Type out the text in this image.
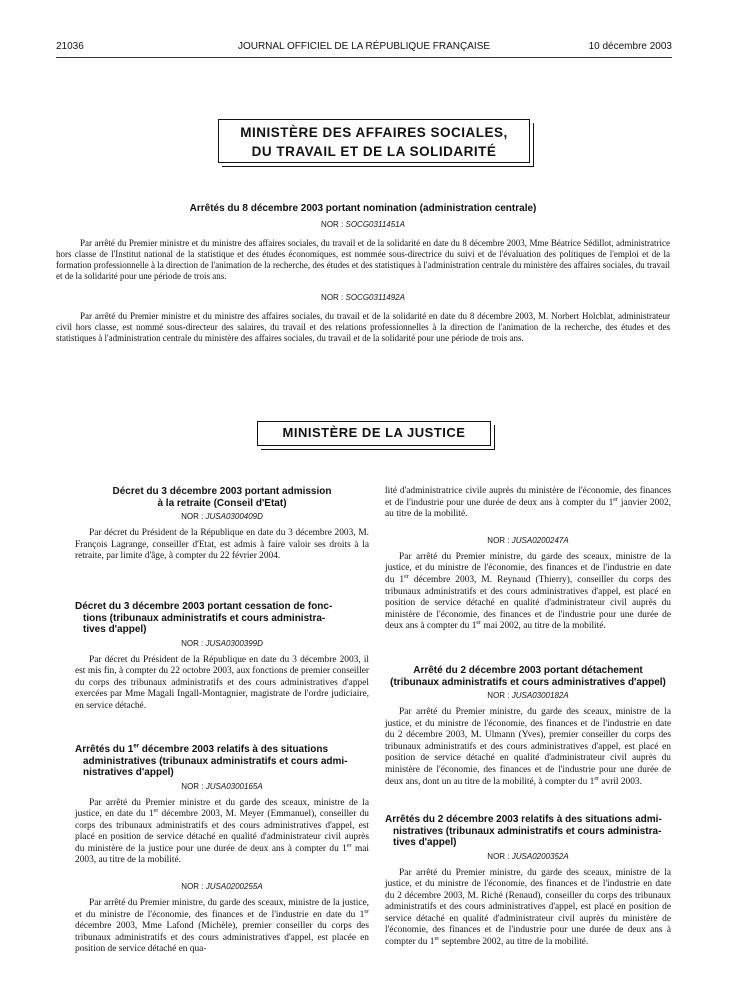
21036	JOURNAL OFFICIEL DE LA RÉPUBLIQUE FRANÇAISE	10 décembre 2003
MINISTÈRE DES AFFAIRES SOCIALES,
DU TRAVAIL ET DE LA SOLIDARITÉ
Arrêtés du 8 décembre 2003 portant nomination (administration centrale)
NOR : SOCG0311451A

Par arrêté du Premier ministre et du ministre des affaires sociales, du travail et de la solidarité en date du 8 décembre 2003, Mme Béatrice Sédillot, administratrice hors classe de l'Institut national de la statistique et des études économiques, est nommée sous-directrice du suivi et de l'évaluation des politiques de l'emploi et de la formation professionnelle à la direction de l'animation de la recherche, des études et des statistiques à l'administration centrale du ministère des affaires sociales, du travail et de la solidarité pour une période de trois ans.

NOR : SOCG0311492A

Par arrêté du Premier ministre et du ministre des affaires sociales, du travail et de la solidarité en date du 8 décembre 2003, M. Norbert Holcblat, administrateur civil hors classe, est nommé sous-directeur des salaires, du travail et des relations professionnelles à la direction de l'animation de la recherche, des études et des statistiques à l'administration centrale du ministère des affaires sociales, du travail et de la solidarité pour une période de trois ans.

MINISTÈRE DE LA JUSTICE
Décret du 3 décembre 2003 portant admission
à la retraite (Conseil d'Etat)
NOR : JUSA0300409D

Par décret du Président de la République en date du 3 décembre 2003, M. François Lagrange, conseiller d'Etat, est admis à faire valoir ses droits à la retraite, par limite d'âge, à compter du 22 février 2004.

Décret du 3 décembre 2003 portant cessation de fonc-
tions (tribunaux administratifs et cours administra-
tives d'appel)
NOR : JUSA0300399D

Par décret du Président de la République en date du 3 décembre 2003, il est mis fin, à compter du 22 octobre 2003, aux fonctions de premier conseiller du corps des tribunaux administratifs et des cours administratives d'appel exercées par Mme Magali Ingall-Montagnier, magistrate de l'ordre judiciaire, en service détaché.

Arrêtés du 1er décembre 2003 relatifs à des situations
administratives (tribunaux administratifs et cours admi-
nistratives d'appel)
NOR : JUSA0300165A

Par arrêté du Premier ministre et du garde des sceaux, ministre de la justice, en date du 1er décembre 2003, M. Meyer (Emmanuel), conseiller du corps des tribunaux administratifs et des cours administratives d'appel, est placé en position de service détaché en qualité d'administrateur civil auprès du ministère de la justice pour une durée de deux ans à compter du 1er mai 2003, au titre de la mobilité.

NOR : JUSA0200255A

Par arrêté du Premier ministre, du garde des sceaux, ministre de la justice, et du ministre de l'économie, des finances et de l'industrie en date du 1er décembre 2003, Mme Lafond (Michèle), premier conseiller du corps des tribunaux administratifs et des cours administratives d'appel, est placée en position de service détaché en qua-

lité d'administratrice civile auprès du ministère de l'économie, des finances et de l'industrie pour une durée de deux ans à compter du 1er janvier 2002, au titre de la mobilité.

NOR : JUSA0200247A

Par arrêté du Premier ministre, du garde des sceaux, ministre de la justice, et du ministre de l'économie, des finances et de l'industrie en date du 1er décembre 2003, M. Reynaud (Thierry), conseiller du corps des tribunaux administratifs et des cours administratives d'appel, est placé en position de service détaché en qualité d'administrateur civil auprès du ministère de l'économie, des finances et de l'industrie pour une durée de deux ans à compter du 1er mai 2002, au titre de la mobilité.

Arrêté du 2 décembre 2003 portant détachement
(tribunaux administratifs et cours administratives d'appel)
NOR : JUSA0300182A

Par arrêté du Premier ministre, du garde des sceaux, ministre de la justice, et du ministre de l'économie, des finances et de l'industrie en date du 2 décembre 2003, M. Ulmann (Yves), premier conseiller du corps des tribunaux administratifs et des cours administratives d'appel, est placé en position de service détaché en qualité d'administrateur civil auprès du ministère de l'économie, des finances et de l'industrie pour une durée de deux ans, dont un au titre de la mobilité, à compter du 1er avril 2003.

Arrêtés du 2 décembre 2003 relatifs à des situations admi-
nistratives (tribunaux administratifs et cours administra-
tives d'appel)
NOR : JUSA0200352A

Par arrêté du Premier ministre, du garde des sceaux, ministre de la justice, et du ministre de l'économie, des finances et de l'industrie en date du 2 décembre 2003, M. Riché (Renaud), conseiller du corps des tribunaux administratifs et des cours administratives d'appel, est placé en position de service détaché en qualité d'administrateur civil auprès du ministère de l'économie, des finances et de l'industrie pour une durée de deux ans à compter du 1er septembre 2002, au titre de la mobilité.
